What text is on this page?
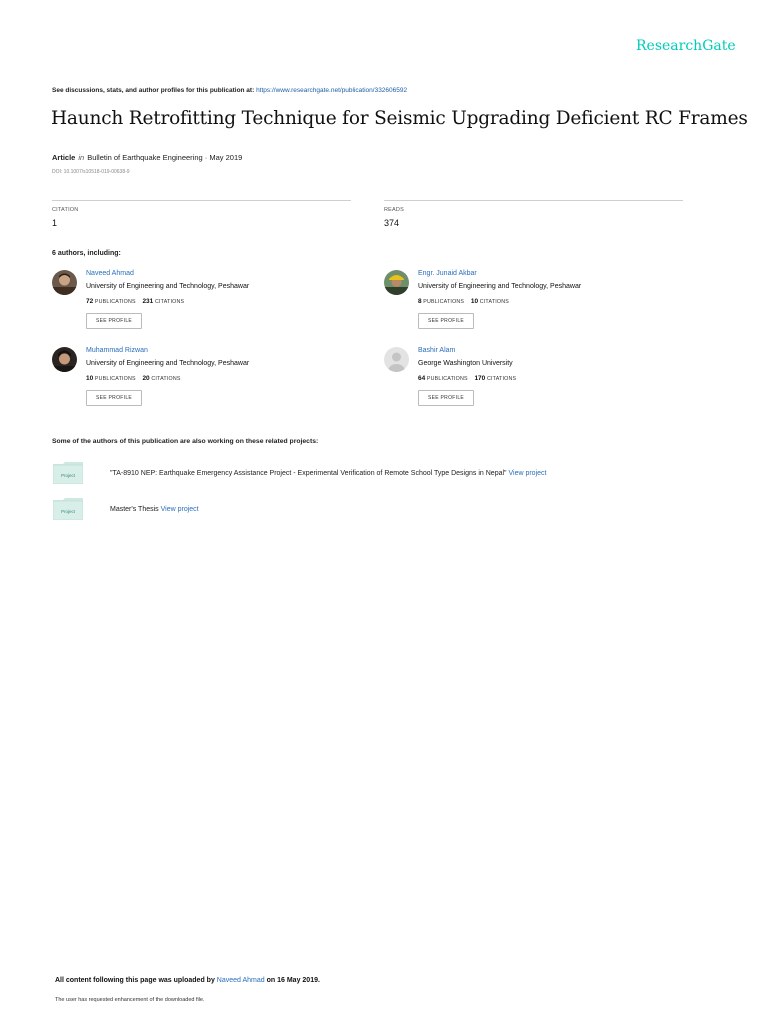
ResearchGate
See discussions, stats, and author profiles for this publication at: https://www.researchgate.net/publication/332606592
Haunch Retrofitting Technique for Seismic Upgrading Deficient RC Frames
Article in Bulletin of Earthquake Engineering · May 2019
DOI: 10.1007/s10518-019-00638-9
CITATION
1
READS
374
6 authors, including:
Naveed Ahmad
University of Engineering and Technology, Peshawar
72 PUBLICATIONS 231 CITATIONS
SEE PROFILE
Engr. Junaid Akbar
University of Engineering and Technology, Peshawar
8 PUBLICATIONS 10 CITATIONS
SEE PROFILE
Muhammad Rizwan
University of Engineering and Technology, Peshawar
10 PUBLICATIONS 20 CITATIONS
SEE PROFILE
Bashir Alam
George Washington University
64 PUBLICATIONS 170 CITATIONS
SEE PROFILE
Some of the authors of this publication are also working on these related projects:
Project	"TA-8910 NEP: Earthquake Emergency Assistance Project - Experimental Verification of Remote School Type Designs in Nepal" View project
Project	Master's Thesis View project
All content following this page was uploaded by Naveed Ahmad on 16 May 2019.
The user has requested enhancement of the downloaded file.
